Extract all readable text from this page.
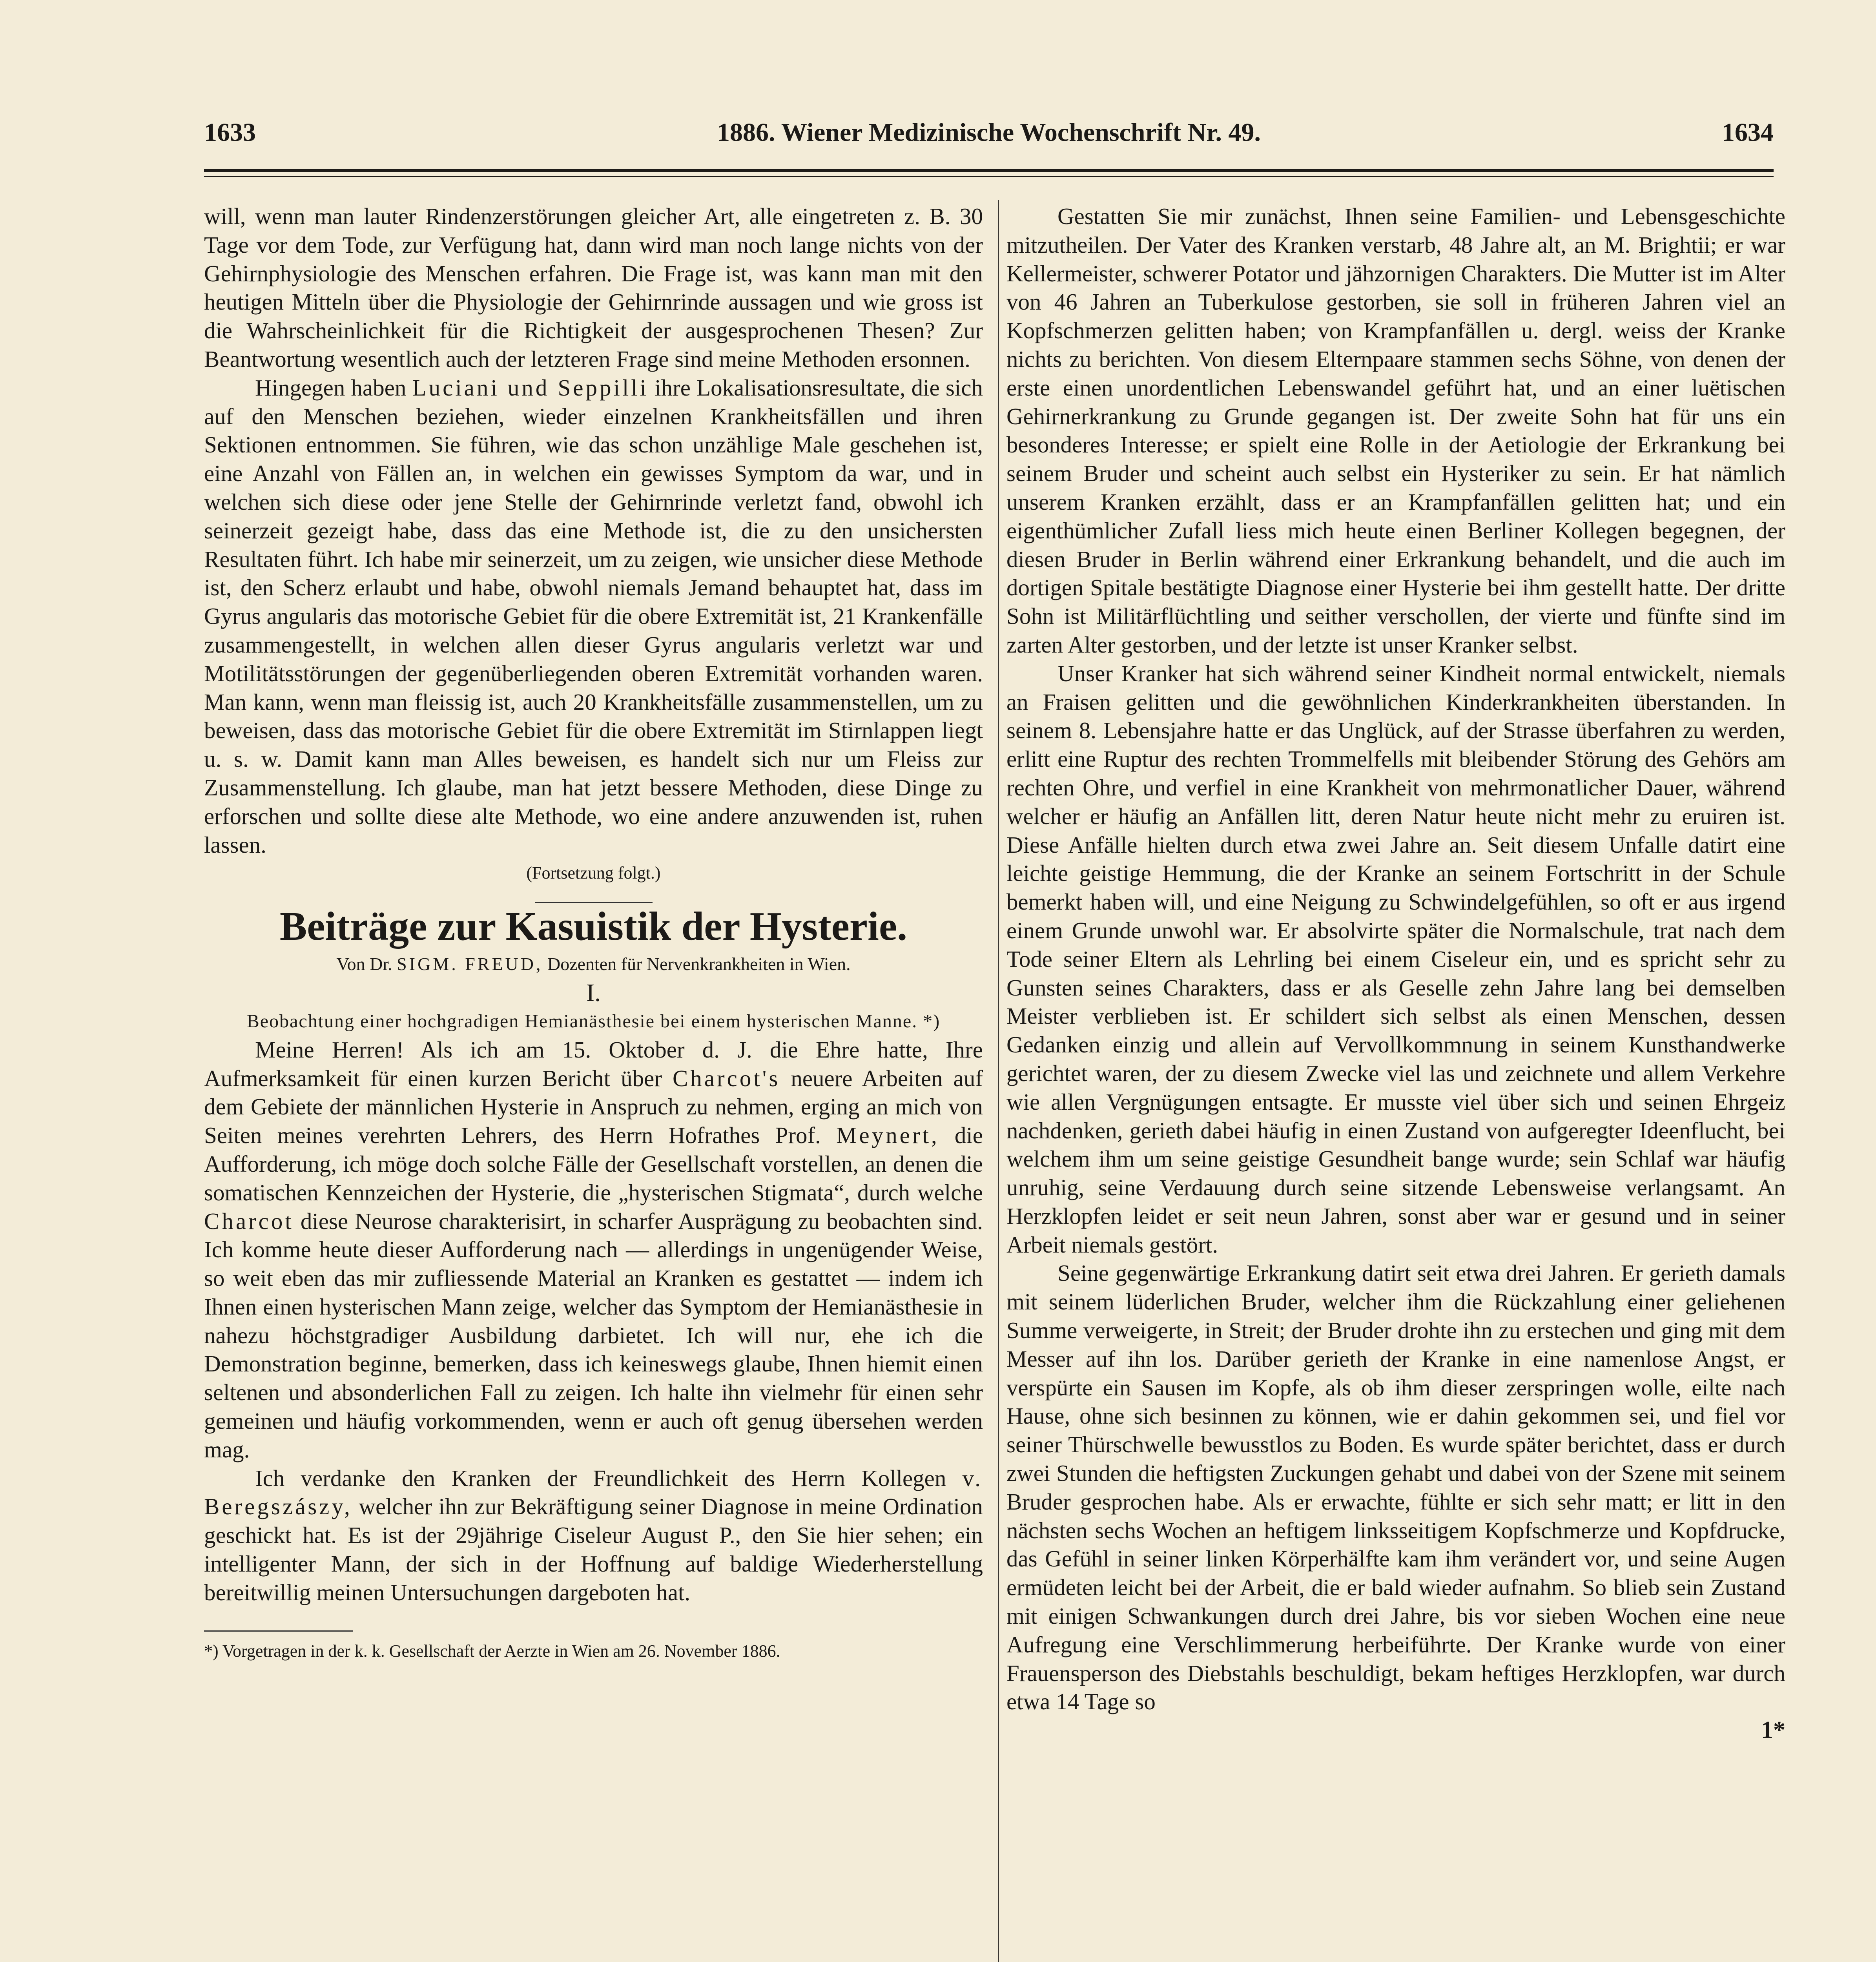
1633	1886. Wiener Medizinische Wochenschrift Nr. 49.	1634

will, wenn man lauter Rindenzerstörungen gleicher Art, alle eingetreten z. B. 30 Tage vor dem Tode, zur Verfügung hat, dann wird man noch lange nichts von der Gehirnphysiologie des Menschen erfahren. Die Frage ist, was kann man mit den heutigen Mitteln über die Physiologie der Gehirnrinde aussagen und wie gross ist die Wahrscheinlichkeit für die Richtigkeit der ausgesprochenen Thesen? Zur Beantwortung wesentlich auch der letzteren Frage sind meine Methoden ersonnen.

Hingegen haben Luciani und Seppilli ihre Lokalisationsresultate, die sich auf den Menschen beziehen, wieder einzelnen Krankheitsfällen und ihren Sektionen entnommen. Sie führen, wie das schon unzählige Male geschehen ist, eine Anzahl von Fällen an, in welchen ein gewisses Symptom da war, und in welchen sich diese oder jene Stelle der Gehirnrinde verletzt fand, obwohl ich seinerzeit gezeigt habe, dass das eine Methode ist, die zu den unsichersten Resultaten führt. Ich habe mir seinerzeit, um zu zeigen, wie unsicher diese Methode ist, den Scherz erlaubt und habe, obwohl niemals Jemand behauptet hat, dass im Gyrus angularis das motorische Gebiet für die obere Extremität ist, 21 Krankenfälle zusammengestellt, in welchen allen dieser Gyrus angularis verletzt war und Motilitätsstörungen der gegenüberliegenden oberen Extremität vorhanden waren. Man kann, wenn man fleissig ist, auch 20 Krankheitsfälle zusammenstellen, um zu beweisen, dass das motorische Gebiet für die obere Extremität im Stirnlappen liegt u. s. w. Damit kann man Alles beweisen, es handelt sich nur um Fleiss zur Zusammenstellung. Ich glaube, man hat jetzt bessere Methoden, diese Dinge zu erforschen und sollte diese alte Methode, wo eine andere anzuwenden ist, ruhen lassen.

(Fortsetzung folgt.)

Beiträge zur Kasuistik der Hysterie.

Von Dr. SIGM. FREUD, Dozenten für Nervenkrankheiten in Wien.

I.

Beobachtung einer hochgradigen Hemianästhesie bei einem hysterischen Manne. *)

Meine Herren! Als ich am 15. Oktober d. J. die Ehre hatte, Ihre Aufmerksamkeit für einen kurzen Bericht über Charcot's neuere Arbeiten auf dem Gebiete der männlichen Hysterie in Anspruch zu nehmen, erging an mich von Seiten meines verehrten Lehrers, des Herrn Hofrathes Prof. Meynert, die Aufforderung, ich möge doch solche Fälle der Gesellschaft vorstellen, an denen die somatischen Kennzeichen der Hysterie, die „hysterischen Stigmata“, durch welche Charcot diese Neurose charakterisirt, in scharfer Ausprägung zu beobachten sind. Ich komme heute dieser Aufforderung nach — allerdings in ungenügender Weise, so weit eben das mir zufliessende Material an Kranken es gestattet — indem ich Ihnen einen hysterischen Mann zeige, welcher das Symptom der Hemianästhesie in nahezu höchstgradiger Ausbildung darbietet. Ich will nur, ehe ich die Demonstration beginne, bemerken, dass ich keineswegs glaube, Ihnen hiemit einen seltenen und absonderlichen Fall zu zeigen. Ich halte ihn vielmehr für einen sehr gemeinen und häufig vorkommenden, wenn er auch oft genug übersehen werden mag.

Ich verdanke den Kranken der Freundlichkeit des Herrn Kollegen v. Beregszászy, welcher ihn zur Bekräftigung seiner Diagnose in meine Ordination geschickt hat. Es ist der 29jährige Ciseleur August P., den Sie hier sehen; ein intelligenter Mann, der sich in der Hoffnung auf baldige Wiederherstellung bereitwillig meinen Untersuchungen dargeboten hat.

*) Vorgetragen in der k. k. Gesellschaft der Aerzte in Wien am 26. November 1886.

Gestatten Sie mir zunächst, Ihnen seine Familien- und Lebensgeschichte mitzutheilen. Der Vater des Kranken verstarb, 48 Jahre alt, an M. Brightii; er war Kellermeister, schwerer Potator und jähzornigen Charakters. Die Mutter ist im Alter von 46 Jahren an Tuberkulose gestorben, sie soll in früheren Jahren viel an Kopfschmerzen gelitten haben; von Krampfanfällen u. dergl. weiss der Kranke nichts zu berichten. Von diesem Elternpaare stammen sechs Söhne, von denen der erste einen unordentlichen Lebenswandel geführt hat, und an einer luëtischen Gehirnerkrankung zu Grunde gegangen ist. Der zweite Sohn hat für uns ein besonderes Interesse; er spielt eine Rolle in der Aetiologie der Erkrankung bei seinem Bruder und scheint auch selbst ein Hysteriker zu sein. Er hat nämlich unserem Kranken erzählt, dass er an Krampfanfällen gelitten hat; und ein eigenthümlicher Zufall liess mich heute einen Berliner Kollegen begegnen, der diesen Bruder in Berlin während einer Erkrankung behandelt, und die auch im dortigen Spitale bestätigte Diagnose einer Hysterie bei ihm gestellt hatte. Der dritte Sohn ist Militärflüchtling und seither verschollen, der vierte und fünfte sind im zarten Alter gestorben, und der letzte ist unser Kranker selbst.

Unser Kranker hat sich während seiner Kindheit normal entwickelt, niemals an Fraisen gelitten und die gewöhnlichen Kinderkrankheiten überstanden. In seinem 8. Lebensjahre hatte er das Unglück, auf der Strasse überfahren zu werden, erlitt eine Ruptur des rechten Trommelfells mit bleibender Störung des Gehörs am rechten Ohre, und verfiel in eine Krankheit von mehrmonatlicher Dauer, während welcher er häufig an Anfällen litt, deren Natur heute nicht mehr zu eruiren ist. Diese Anfälle hielten durch etwa zwei Jahre an. Seit diesem Unfalle datirt eine leichte geistige Hemmung, die der Kranke an seinem Fortschritt in der Schule bemerkt haben will, und eine Neigung zu Schwindelgefühlen, so oft er aus irgend einem Grunde unwohl war. Er absolvirte später die Normalschule, trat nach dem Tode seiner Eltern als Lehrling bei einem Ciseleur ein, und es spricht sehr zu Gunsten seines Charakters, dass er als Geselle zehn Jahre lang bei demselben Meister verblieben ist. Er schildert sich selbst als einen Menschen, dessen Gedanken einzig und allein auf Vervollkommnung in seinem Kunsthandwerke gerichtet waren, der zu diesem Zwecke viel las und zeichnete und allem Verkehre wie allen Vergnügungen entsagte. Er musste viel über sich und seinen Ehrgeiz nachdenken, gerieth dabei häufig in einen Zustand von aufgeregter Ideenflucht, bei welchem ihm um seine geistige Gesundheit bange wurde; sein Schlaf war häufig unruhig, seine Verdauung durch seine sitzende Lebensweise verlangsamt. An Herzklopfen leidet er seit neun Jahren, sonst aber war er gesund und in seiner Arbeit niemals gestört.

Seine gegenwärtige Erkrankung datirt seit etwa drei Jahren. Er gerieth damals mit seinem lüderlichen Bruder, welcher ihm die Rückzahlung einer geliehenen Summe verweigerte, in Streit; der Bruder drohte ihn zu erstechen und ging mit dem Messer auf ihn los. Darüber gerieth der Kranke in eine namenlose Angst, er verspürte ein Sausen im Kopfe, als ob ihm dieser zerspringen wolle, eilte nach Hause, ohne sich besinnen zu können, wie er dahin gekommen sei, und fiel vor seiner Thürschwelle bewusstlos zu Boden. Es wurde später berichtet, dass er durch zwei Stunden die heftigsten Zuckungen gehabt und dabei von der Szene mit seinem Bruder gesprochen habe. Als er erwachte, fühlte er sich sehr matt; er litt in den nächsten sechs Wochen an heftigem linksseitigem Kopfschmerze und Kopfdrucke, das Gefühl in seiner linken Körperhälfte kam ihm verändert vor, und seine Augen ermüdeten leicht bei der Arbeit, die er bald wieder aufnahm. So blieb sein Zustand mit einigen Schwankungen durch drei Jahre, bis vor sieben Wochen eine neue Aufregung eine Verschlimmerung herbeiführte. Der Kranke wurde von einer Frauensperson des Diebstahls beschuldigt, bekam heftiges Herzklopfen, war durch etwa 14 Tage so

1*
